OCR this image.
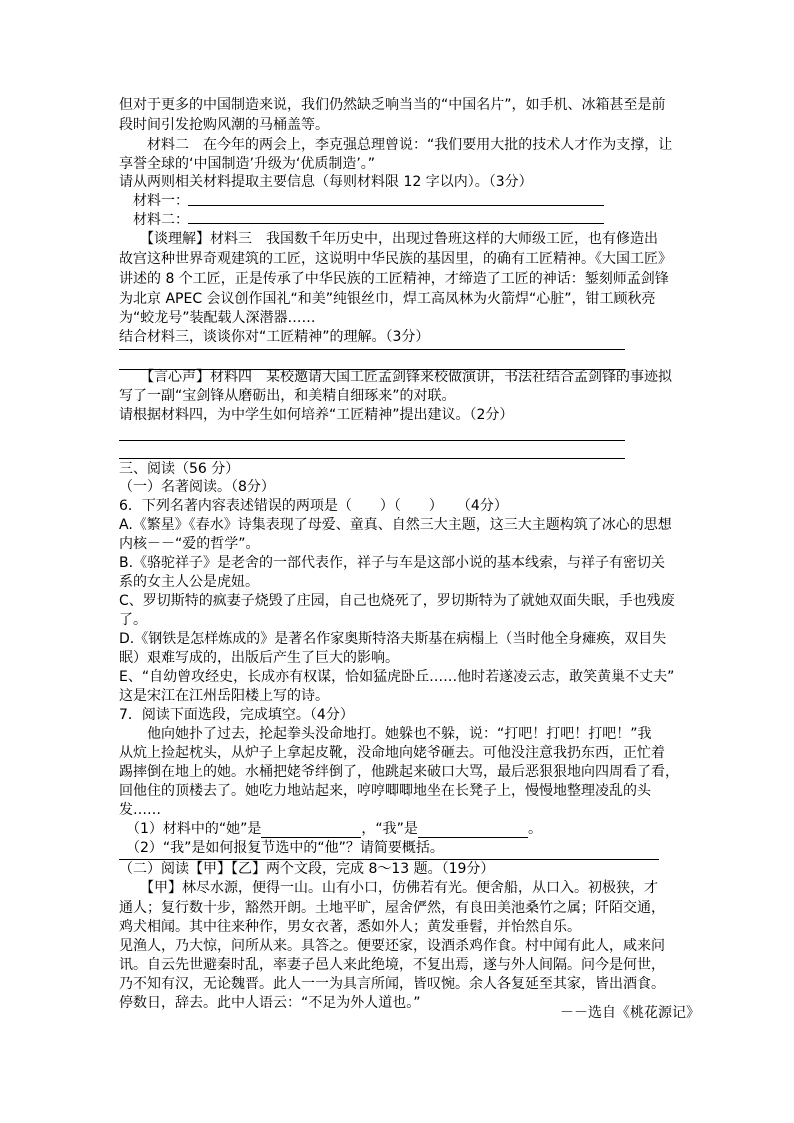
但对于更多的中国制造来说，我们仍然缺乏响当当的“中国名片”，如手机、冰箱甚至是前

段时间引发抢购风潮的马桶盖等。

　　材料二　在今年的两会上，李克强总理曾说：“我们要用大批的技术人才作为支撑，让

享誉全球的‘中国制造’升级为‘优质制造’。”

请从两则相关材料提取主要信息（每则材料限 12 字以内）。（3分）

　材料一：

　材料二：

　　【谈理解】材料三　我国数千年历史中，出现过鲁班这样的大师级工匠，也有修造出

故宫这种世界奇观建筑的工匠，这说明中华民族的基因里，的确有工匠精神。《大国工匠》

讲述的 8 个工匠，正是传承了中华民族的工匠精神，才缔造了工匠的神话：錾刻师孟剑锋

为北京 APEC 会议创作国礼“和美”纯银丝巾，焊工高凤林为火箭焊“心脏”，钳工顾秋亮

为“蛟龙号”装配载人深潜器……

结合材料三，谈谈你对“工匠精神”的理解。（3分）

　　【言心声】材料四　某校邀请大国工匠孟剑锋来校做演讲，书法社结合孟剑锋的事迹拟

写了一副“宝剑锋从磨砺出，和美精自细琢来”的对联。

请根据材料四，为中学生如何培养“工匠精神”提出建议。（2分）

三、阅读（56 分）

（一）名著阅读。（8分）

6．下列名著内容表述错误的两项是（　　）（　　）　　（4分）

A.《繁星》《春水》诗集表现了母爱、童真、自然三大主题，这三大主题构筑了冰心的思想

内核－－“爱的哲学”。

B.《骆驼祥子》是老舍的一部代表作，祥子与车是这部小说的基本线索，与祥子有密切关

系的女主人公是虎妞。

C、罗切斯特的疯妻子烧毁了庄园，自己也烧死了，罗切斯特为了就她双面失眠，手也残废

了。

D.《钢铁是怎样炼成的》是著名作家奥斯特洛夫斯基在病榻上（当时他全身瘫痪，双目失

眠）艰难写成的，出版后产生了巨大的影响。

E、“自幼曾攻经史，长成亦有权谋，恰如猛虎卧丘……他时若遂凌云志，敢笑黄巢不丈夫”

这是宋江在江州岳阳楼上写的诗。

7．阅读下面选段，完成填空。（4分）

　　他向她扑了过去，抡起拳头没命地打。她躲也不躲，说：“打吧！打吧！打吧！”我

从炕上捡起枕头，从炉子上拿起皮靴，没命地向姥爷砸去。可他没注意我扔东西，正忙着

踢摔倒在地上的她。水桶把姥爷绊倒了，他跳起来破口大骂，最后恶狠狠地向四周看了看，

回他住的顶楼去了。她吃力地站起来，哼哼唧唧地坐在长凳子上，慢慢地整理凌乱的头

发……

　（1）材料中的“她”是	，“我”是	。

　（2）“我”是如何报复节选中的“他”？请简要概括。

（二）阅读【甲】【乙】两个文段，完成 8～13 题。（19分）

　　【甲】林尽水源，便得一山。山有小口，仿佛若有光。便舍船，从口入。初极狭，才

通人；复行数十步，豁然开朗。土地平旷，屋舍俨然，有良田美池桑竹之属；阡陌交通，

鸡犬相闻。其中往来种作，男女衣著，悉如外人；黄发垂髫，并怡然自乐。

见渔人，乃大惊，问所从来。具答之。便要还家，设酒杀鸡作食。村中闻有此人，咸来问

讯。自云先世避秦时乱，率妻子邑人来此绝境，不复出焉，遂与外人间隔。问今是何世，

乃不知有汉，无论魏晋。此人一一为具言所闻，皆叹惋。余人各复延至其家，皆出酒食。

停数日，辞去。此中人语云：“不足为外人道也。”

－－选自《桃花源记》
